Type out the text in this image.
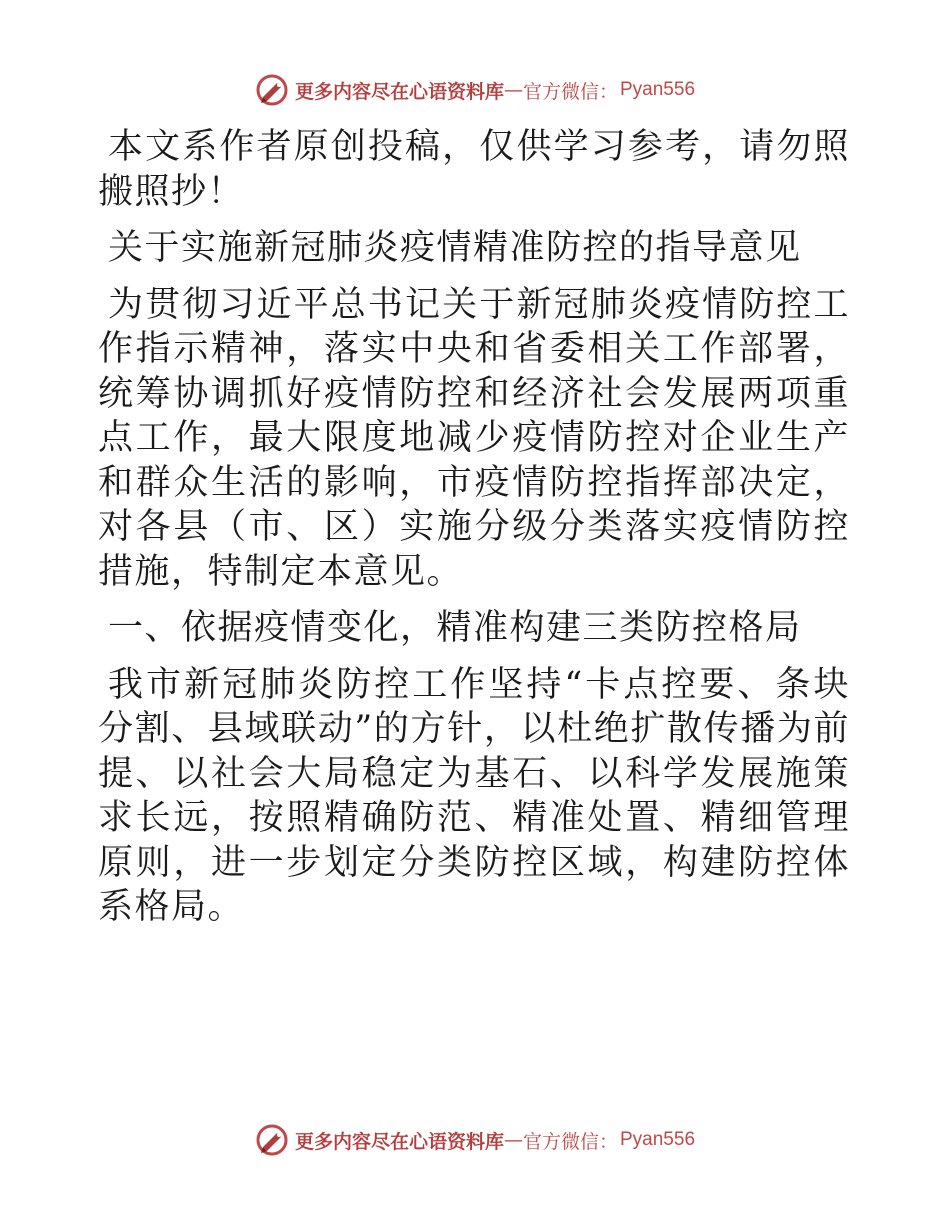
更多内容尽在心语资料库 — 官方微信： Pyan556

本文系作者原创投稿，仅供学习参考，请勿照搬照抄！

关于实施新冠肺炎疫情精准防控的指导意见

为贯彻习近平总书记关于新冠肺炎疫情防控工作指示精神，落实中央和省委相关工作部署，统筹协调抓好疫情防控和经济社会发展两项重点工作，最大限度地减少疫情防控对企业生产和群众生活的影响，市疫情防控指挥部决定，对各县（市、区）实施分级分类落实疫情防控措施，特制定本意见。

一、依据疫情变化，精准构建三类防控格局

我市新冠肺炎防控工作坚持“卡点控要、条块分割、县域联动”的方针，以杜绝扩散传播为前提、以社会大局稳定为基石、以科学发展施策求长远，按照精确防范、精准处置、精细管理原则，进一步划定分类防控区域，构建防控体系格局。

更多内容尽在心语资料库 — 官方微信： Pyan556
